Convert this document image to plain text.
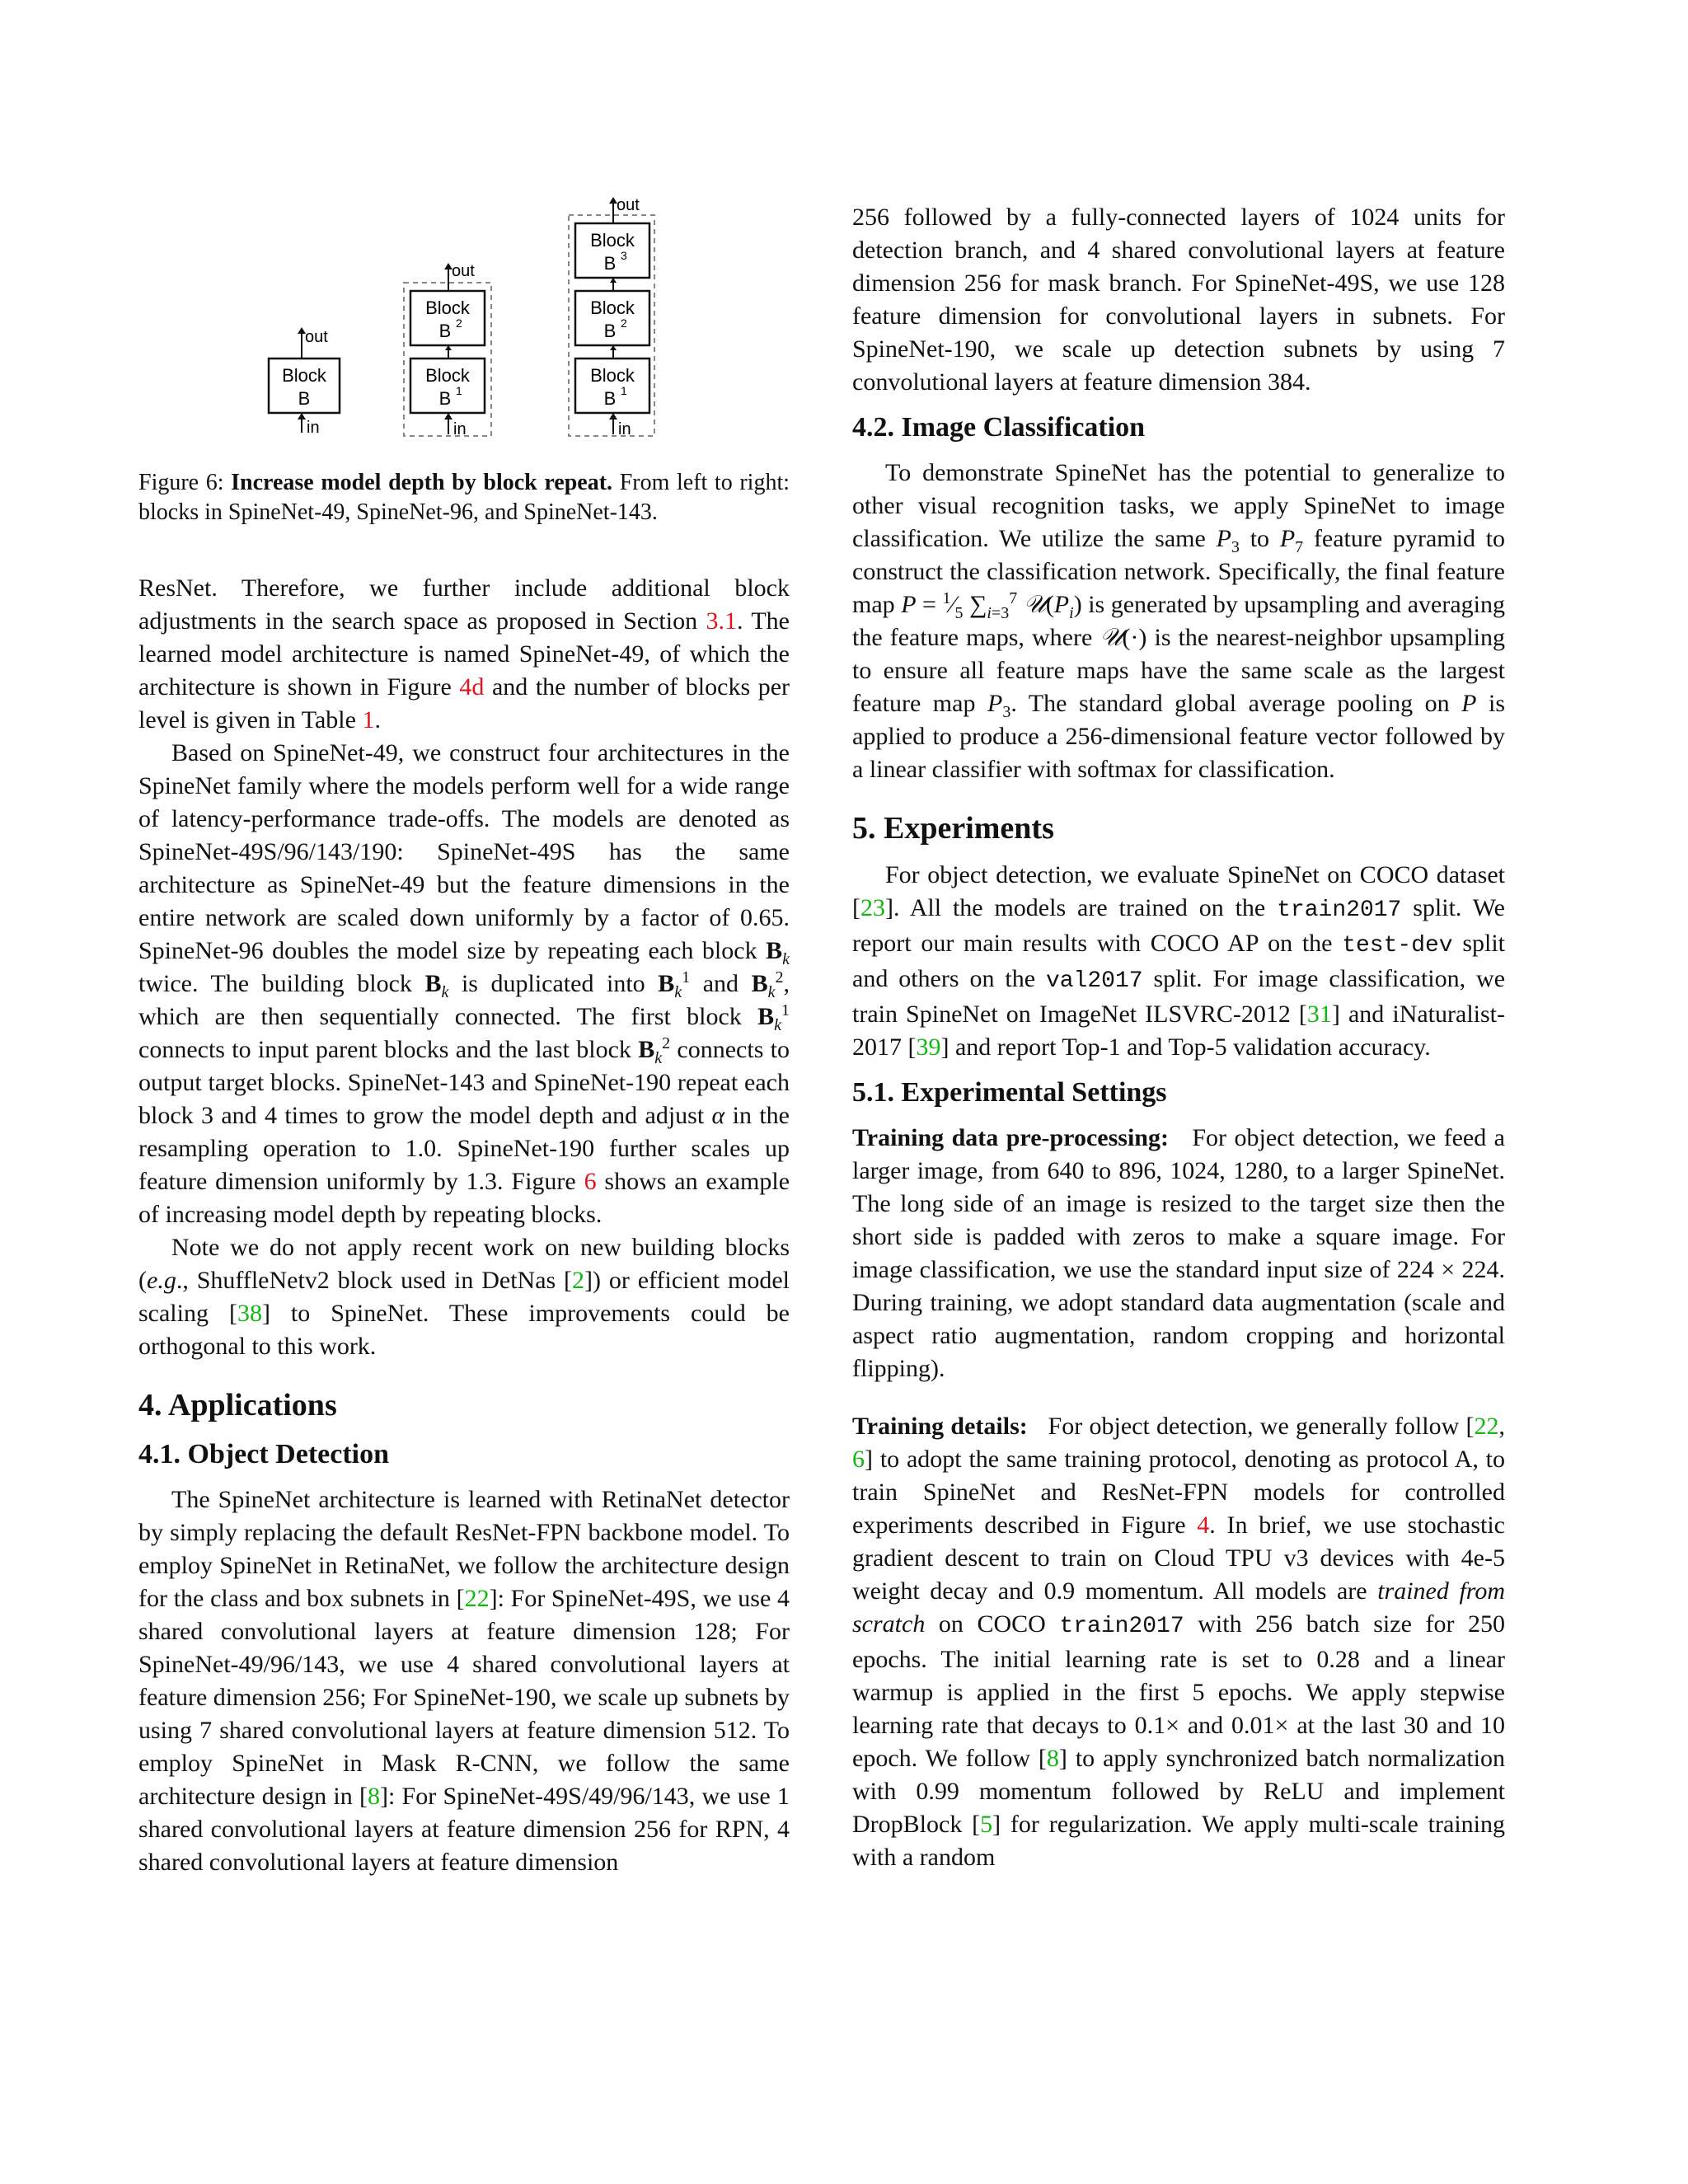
out
Block
B
in
out
Block
B 2
Block
B 1
in
out
Block
B 3
Block
B 2
Block
B 1
in

Figure 6: Increase model depth by block repeat. From left to right: blocks in SpineNet-49, SpineNet-96, and SpineNet-143.

ResNet. Therefore, we further include additional block adjustments in the search space as proposed in Section 3.1. The learned model architecture is named SpineNet-49, of which the architecture is shown in Figure 4d and the number of blocks per level is given in Table 1.

Based on SpineNet-49, we construct four architectures in the SpineNet family where the models perform well for a wide range of latency-performance trade-offs. The models are denoted as SpineNet-49S/96/143/190: SpineNet-49S has the same architecture as SpineNet-49 but the feature dimensions in the entire network are scaled down uniformly by a factor of 0.65. SpineNet-96 doubles the model size by repeating each block $B_k$ twice. The building block $B_k$ is duplicated into $B_k^1$ and $B_k^2$, which are then sequentially connected. The first block $B_k^1$ connects to input parent blocks and the last block $B_k^2$ connects to output target blocks. SpineNet-143 and SpineNet-190 repeat each block 3 and 4 times to grow the model depth and adjust α in the resampling operation to 1.0. SpineNet-190 further scales up feature dimension uniformly by 1.3. Figure 6 shows an example of increasing model depth by repeating blocks.

Note we do not apply recent work on new building blocks (e.g., ShuffleNetv2 block used in DetNas [2]) or efficient model scaling [38] to SpineNet. These improvements could be orthogonal to this work.

4. Applications
4.1. Object Detection

The SpineNet architecture is learned with RetinaNet detector by simply replacing the default ResNet-FPN backbone model. To employ SpineNet in RetinaNet, we follow the architecture design for the class and box subnets in [22]: For SpineNet-49S, we use 4 shared convolutional layers at feature dimension 128; For SpineNet-49/96/143, we use 4 shared convolutional layers at feature dimension 256; For SpineNet-190, we scale up subnets by using 7 shared convolutional layers at feature dimension 512. To employ SpineNet in Mask R-CNN, we follow the same architecture design in [8]: For SpineNet-49S/49/96/143, we use 1 shared convolutional layers at feature dimension 256 for RPN, 4 shared convolutional layers at feature dimension

256 followed by a fully-connected layers of 1024 units for detection branch, and 4 shared convolutional layers at feature dimension 256 for mask branch. For SpineNet-49S, we use 128 feature dimension for convolutional layers in subnets. For SpineNet-190, we scale up detection subnets by using 7 convolutional layers at feature dimension 384.

4.2. Image Classification

To demonstrate SpineNet has the potential to generalize to other visual recognition tasks, we apply SpineNet to image classification. We utilize the same $P_3$ to $P_7$ feature pyramid to construct the classification network. Specifically, the final feature map $P = ^1⁄_5$ $\sum_{i=3}^7$ $𝒰(P_i)$ is generated by upsampling and averaging the feature maps, where 𝒰(·) is the nearest-neighbor upsampling to ensure all feature maps have the same scale as the largest feature map $P_3$. The standard global average pooling on P is applied to produce a 256-dimensional feature vector followed by a linear classifier with softmax for classification.

5. Experiments

For object detection, we evaluate SpineNet on COCO dataset [23]. All the models are trained on the train2017 split. We report our main results with COCO AP on the test-dev split and others on the val2017 split. For image classification, we train SpineNet on ImageNet ILSVRC-2012 [31] and iNaturalist-2017 [39] and report Top-1 and Top-5 validation accuracy.

5.1. Experimental Settings

Training data pre-processing: For object detection, we feed a larger image, from 640 to 896, 1024, 1280, to a larger SpineNet. The long side of an image is resized to the target size then the short side is padded with zeros to make a square image. For image classification, we use the standard input size of 224 × 224. During training, we adopt standard data augmentation (scale and aspect ratio augmentation, random cropping and horizontal flipping).

Training details: For object detection, we generally follow [22, 6] to adopt the same training protocol, denoting as protocol A, to train SpineNet and ResNet-FPN models for controlled experiments described in Figure 4. In brief, we use stochastic gradient descent to train on Cloud TPU v3 devices with 4e-5 weight decay and 0.9 momentum. All models are trained from scratch on COCO train2017 with 256 batch size for 250 epochs. The initial learning rate is set to 0.28 and a linear warmup is applied in the first 5 epochs. We apply stepwise learning rate that decays to 0.1× and 0.01× at the last 30 and 10 epoch. We follow [8] to apply synchronized batch normalization with 0.99 momentum followed by ReLU and implement DropBlock [5] for regularization. We apply multi-scale training with a random
